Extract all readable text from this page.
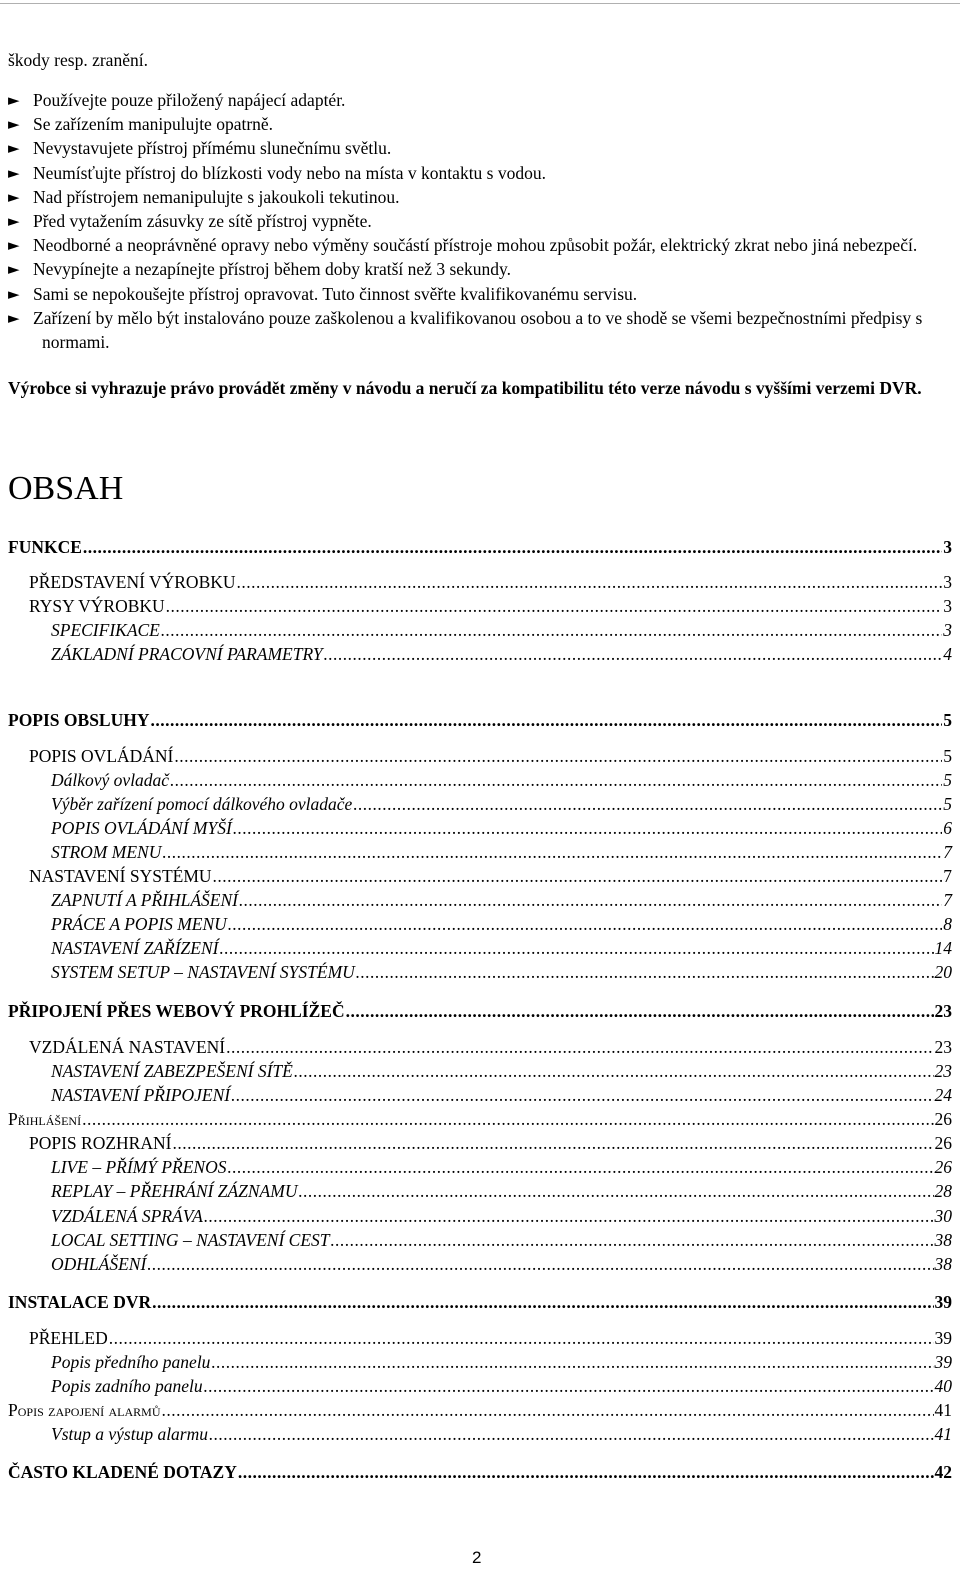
škody resp. zranění.
► Používejte pouze přiložený napájecí adaptér.
► Se zařízením manipulujte opatrně.
► Nevystavujete přístroj přímému slunečnímu světlu.
► Neumísťujte přístroj do blízkosti vody nebo na místa v kontaktu s vodou.
► Nad přístrojem nemanipulujte s jakoukoli tekutinou.
► Před vytažením zásuvky ze sítě přístroj vypněte.
► Neodborné a neoprávněné opravy nebo výměny součástí přístroje mohou způsobit požár, elektrický zkrat nebo jiná nebezpečí.
► Nevypínejte a nezapínejte přístroj během doby kratší než 3 sekundy.
► Sami se nepokoušejte přístroj opravovat. Tuto činnost svěřte kvalifikovanému servisu.
► Zařízení by mělo být instalováno pouze zaškolenou a kvalifikovanou osobou a to ve shodě se všemi bezpečnostními předpisy s normami.
Výrobce si vyhrazuje právo provádět změny v návodu a neručí za kompatibilitu této verze návodu s vyššími verzemi DVR.
OBSAH
FUNKCE .....	3
PŘEDSTAVENÍ VÝROBKU .....	3
RYSY VÝROBKU .....	3
SPECIFIKACE .....	3
ZÁKLADNÍ PRACOVNÍ PARAMETRY .....	4
POPIS OBSLUHY .....	5
POPIS OVLÁDÁNÍ .....	5
Dálkový ovladač .....	5
Výběr zařízení pomocí dálkového ovladače .....	5
POPIS OVLÁDÁNÍ MYŠÍ .....	6
STROM MENU .....	7
NASTAVENÍ SYSTÉMU .....	7
ZAPNUTÍ A PŘIHLÁŠENÍ .....	7
PRÁCE A POPIS MENU .....	8
NASTAVENÍ ZAŘÍZENÍ .....	14
SYSTEM SETUP – NASTAVENÍ SYSTÉMU .....	20
PŘIPOJENÍ PŘES WEBOVÝ PROHLÍŽEČ .....	23
VZDÁLENÁ NASTAVENÍ .....	23
NASTAVENÍ ZABEZPEŠENÍ SÍTĚ .....	23
NASTAVENÍ PŘIPOJENÍ .....	24
Přihlášení .....	26
POPIS ROZHRANÍ .....	26
LIVE – PŘÍMÝ PŘENOS .....	26
REPLAY – PŘEHRÁNÍ ZÁZNAMU .....	28
VZDÁLENÁ SPRÁVA .....	30
LOCAL SETTING – NASTAVENÍ CEST .....	38
ODHLÁŠENÍ .....	38
INSTALACE DVR .....	39
PŘEHLED .....	39
Popis předního panelu .....	39
Popis zadního panelu .....	40
Popis zapojení alarmů .....	41
Vstup a výstup alarmu .....	41
ČASTO KLADENÉ DOTAZY .....	42
2
